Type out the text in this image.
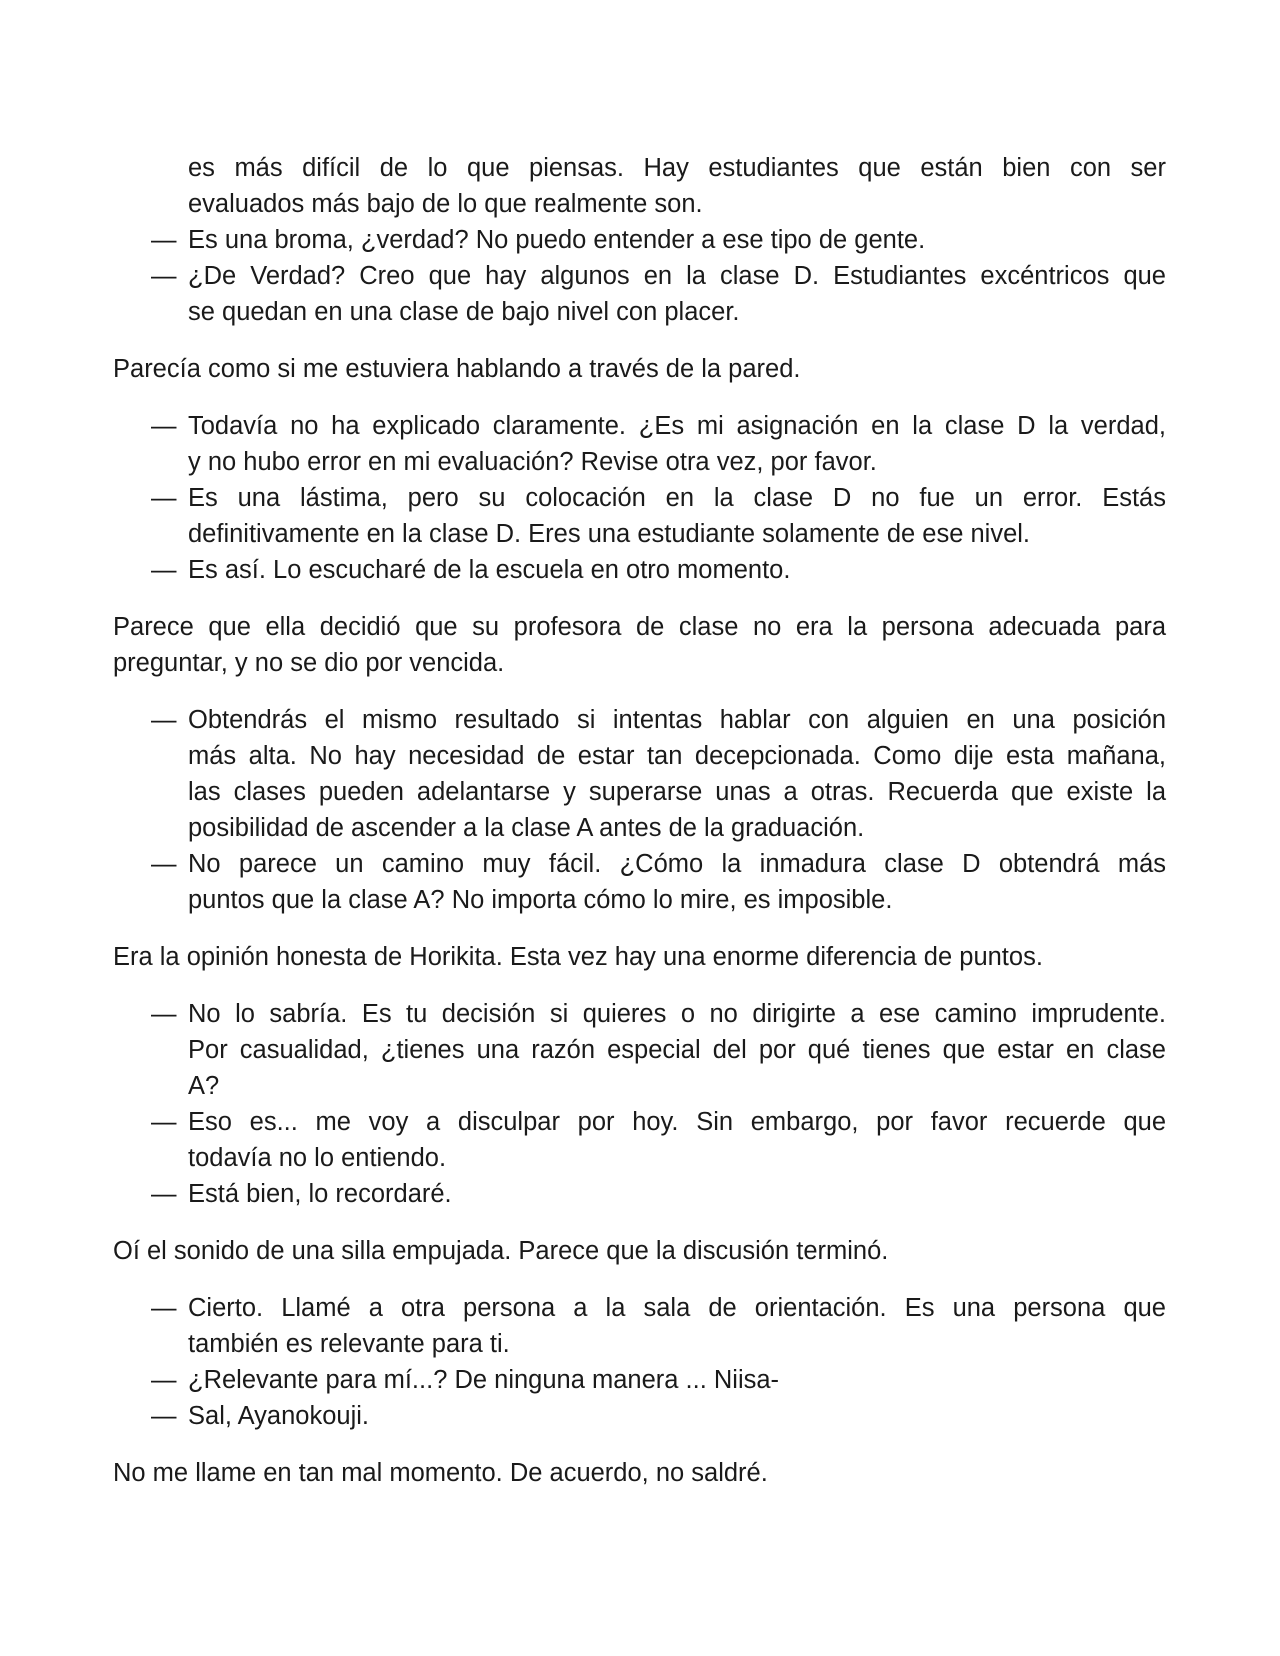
es más difícil de lo que piensas. Hay estudiantes que están bien con ser
evaluados más bajo de lo que realmente son.
— Es una broma, ¿verdad? No puedo entender a ese tipo de gente.
— ¿De Verdad? Creo que hay algunos en la clase D. Estudiantes excéntricos que
se quedan en una clase de bajo nivel con placer.
Parecía como si me estuviera hablando a través de la pared.
— Todavía no ha explicado claramente. ¿Es mi asignación en la clase D la verdad,
y no hubo error en mi evaluación? Revise otra vez, por favor.
— Es una lástima, pero su colocación en la clase D no fue un error. Estás
definitivamente en la clase D. Eres una estudiante solamente de ese nivel.
— Es así. Lo escucharé de la escuela en otro momento.
Parece que ella decidió que su profesora de clase no era la persona adecuada para
preguntar, y no se dio por vencida.
— Obtendrás el mismo resultado si intentas hablar con alguien en una posición
más alta. No hay necesidad de estar tan decepcionada. Como dije esta mañana,
las clases pueden adelantarse y superarse unas a otras. Recuerda que existe la
posibilidad de ascender a la clase A antes de la graduación.
— No parece un camino muy fácil. ¿Cómo la inmadura clase D obtendrá más
puntos que la clase A? No importa cómo lo mire, es imposible.
Era la opinión honesta de Horikita. Esta vez hay una enorme diferencia de puntos.
— No lo sabría. Es tu decisión si quieres o no dirigirte a ese camino imprudente.
Por casualidad, ¿tienes una razón especial del por qué tienes que estar en clase
A?
— Eso es... me voy a disculpar por hoy. Sin embargo, por favor recuerde que
todavía no lo entiendo.
— Está bien, lo recordaré.
Oí el sonido de una silla empujada. Parece que la discusión terminó.
— Cierto. Llamé a otra persona a la sala de orientación. Es una persona que
también es relevante para ti.
— ¿Relevante para mí...? De ninguna manera ... Niisa-
— Sal, Ayanokouji.
No me llame en tan mal momento. De acuerdo, no saldré.
